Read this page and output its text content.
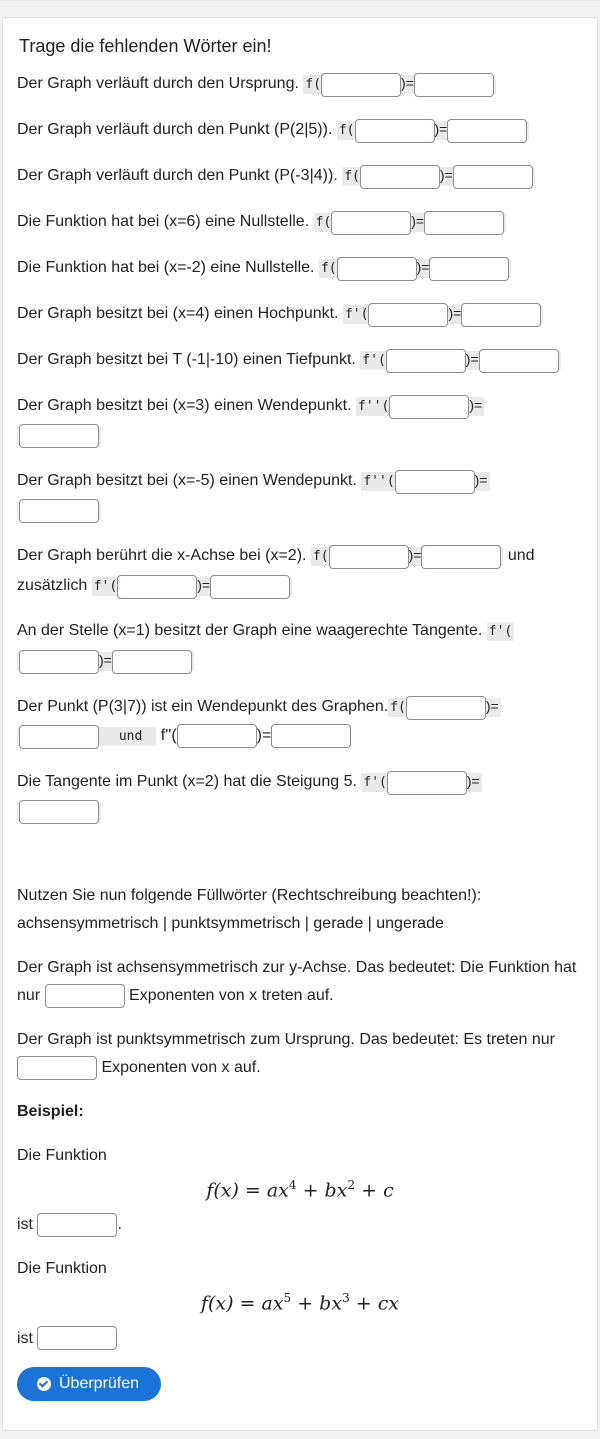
Trage die fehlenden Wörter ein!
Der Graph verläuft durch den Ursprung. f(	)=
Der Graph verläuft durch den Punkt (P(2|5)). f(	)=
Der Graph verläuft durch den Punkt (P(-3|4)). f(	)=
Die Funktion hat bei (x=6) eine Nullstelle. f(	)=
Die Funktion hat bei (x=-2) eine Nullstelle. f(	)=
Der Graph besitzt bei (x=4) einen Hochpunkt. f'(	)=
Der Graph besitzt bei T (-1|-10) einen Tiefpunkt. f'(	)=
Der Graph besitzt bei (x=3) einen Wendepunkt. f''(	)=

Der Graph besitzt bei (x=-5) einen Wendepunkt. f''(	)=

Der Graph berührt die x-Achse bei (x=2). f(	)=	und
zusätzlich f'(	)=
An der Stelle (x=1) besitzt der Graph eine waagerechte Tangente. f'(
)=
Der Punkt (P(3|7)) ist ein Wendepunkt des Graphen. f(	)=
und f''(	)=
Die Tangente im Punkt (x=2) hat die Steigung 5. f'(	)=

Nutzen Sie nun folgende Füllwörter (Rechtschreibung beachten!):
achsensymmetrisch | punktsymmetrisch | gerade | ungerade
Der Graph ist achsensymmetrisch zur y-Achse. Das bedeutet: Die Funktion hat nur	Exponenten von x treten auf.
Der Graph ist punktsymmetrisch zum Ursprung. Das bedeutet: Es treten nur
Exponenten von x auf.
Beispiel:
Die Funktion
$f(x) = ax^4 + bx^2 + c$
ist	.
Die Funktion
$f(x) = ax^5 + bx^3$ + cx
ist
Überprüfen
